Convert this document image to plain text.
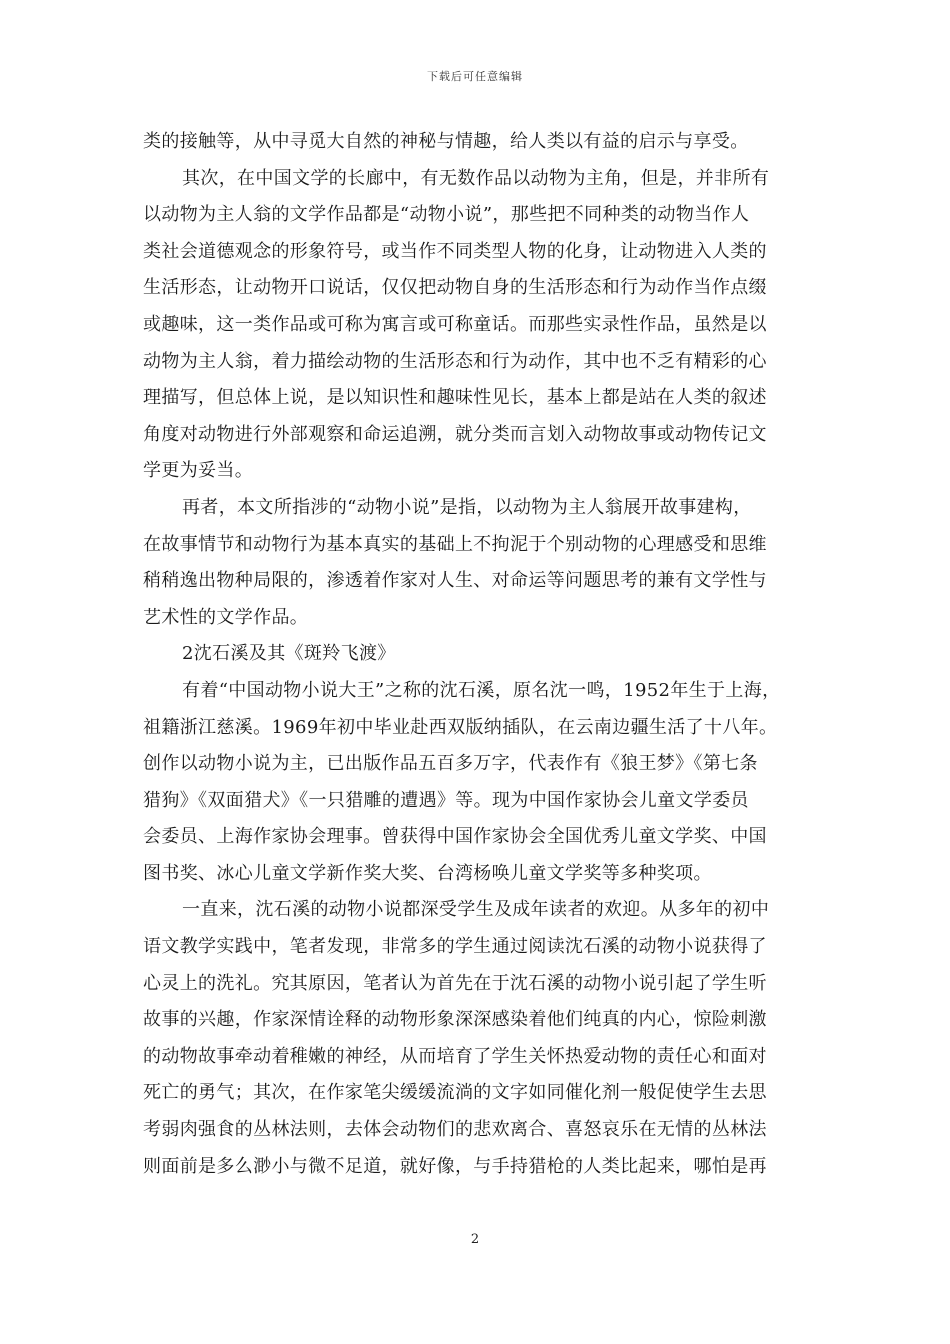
下载后可任意编辑
类的接触等，从中寻觅大自然的神秘与情趣，给人类以有益的启示与享受。
其次，在中国文学的长廊中，有无数作品以动物为主角，但是，并非所有
以动物为主人翁的文学作品都是“动物小说”，那些把不同种类的动物当作人
类社会道德观念的形象符号，或当作不同类型人物的化身，让动物进入人类的
生活形态，让动物开口说话，仅仅把动物自身的生活形态和行为动作当作点缀
或趣味，这一类作品或可称为寓言或可称童话。而那些实录性作品，虽然是以
动物为主人翁，着力描绘动物的生活形态和行为动作，其中也不乏有精彩的心
理描写，但总体上说，是以知识性和趣味性见长，基本上都是站在人类的叙述
角度对动物进行外部观察和命运追溯，就分类而言划入动物故事或动物传记文
学更为妥当。
再者，本文所指涉的“动物小说”是指，以动物为主人翁展开故事建构，
在故事情节和动物行为基本真实的基础上不拘泥于个别动物的心理感受和思维
稍稍逸出物种局限的，渗透着作家对人生、对命运等问题思考的兼有文学性与
艺术性的文学作品。
2沈石溪及其《斑羚飞渡》
有着“中国动物小说大王”之称的沈石溪，原名沈一鸣，1952年生于上海，
祖籍浙江慈溪。1969年初中毕业赴西双版纳插队，在云南边疆生活了十八年。
创作以动物小说为主，已出版作品五百多万字，代表作有《狼王梦》《第七条
猎狗》《双面猎犬》《一只猎雕的遭遇》等。现为中国作家协会儿童文学委员
会委员、上海作家协会理事。曾获得中国作家协会全国优秀儿童文学奖、中国
图书奖、冰心儿童文学新作奖大奖、台湾杨唤儿童文学奖等多种奖项。
一直来，沈石溪的动物小说都深受学生及成年读者的欢迎。从多年的初中
语文教学实践中，笔者发现，非常多的学生通过阅读沈石溪的动物小说获得了
心灵上的洗礼。究其原因，笔者认为首先在于沈石溪的动物小说引起了学生听
故事的兴趣，作家深情诠释的动物形象深深感染着他们纯真的内心，惊险刺激
的动物故事牵动着稚嫩的神经，从而培育了学生关怀热爱动物的责任心和面对
死亡的勇气；其次，在作家笔尖缓缓流淌的文字如同催化剂一般促使学生去思
考弱肉强食的丛林法则，去体会动物们的悲欢离合、喜怒哀乐在无情的丛林法
则面前是多么渺小与微不足道，就好像，与手持猎枪的人类比起来，哪怕是再
2
